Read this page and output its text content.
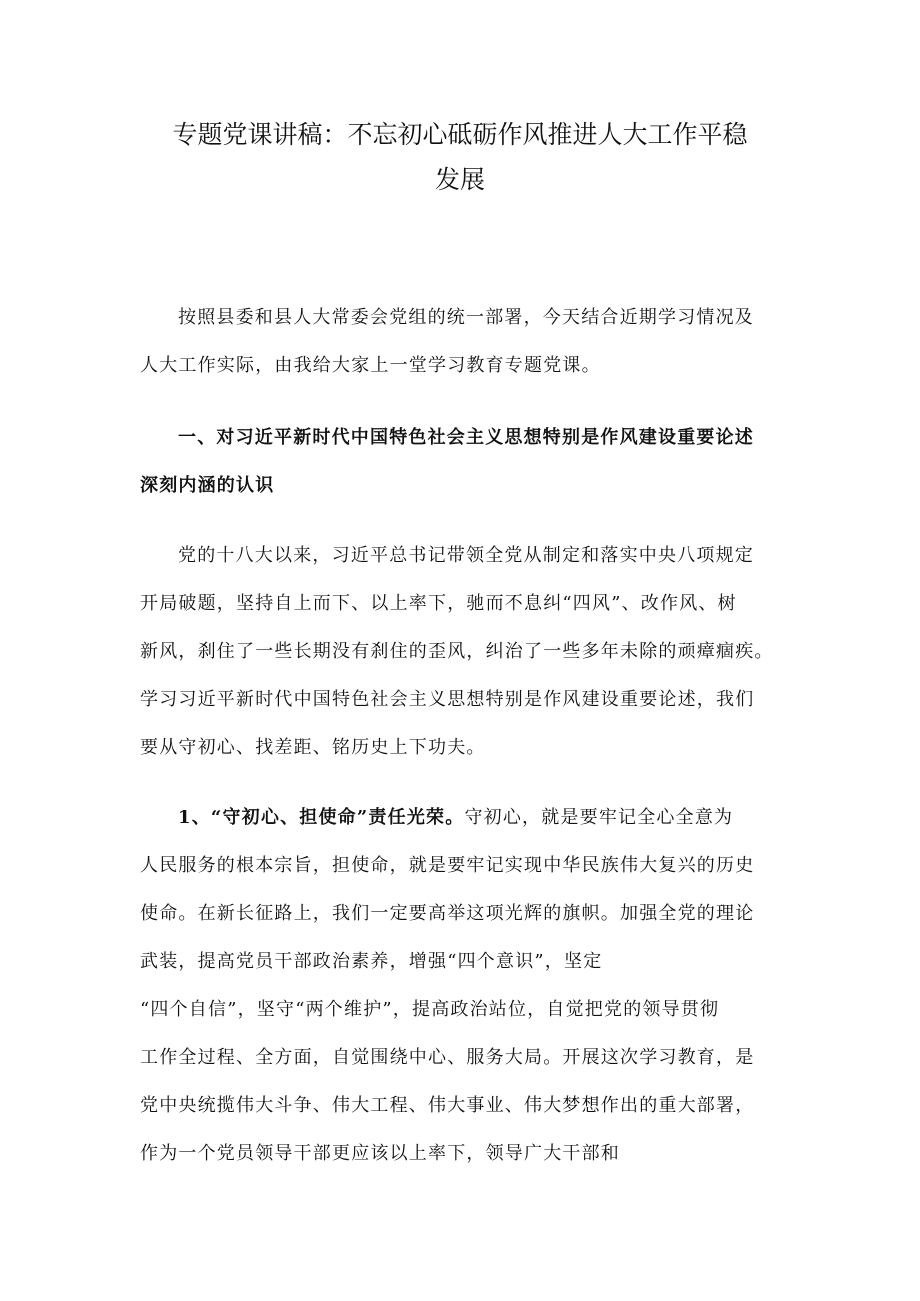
专题党课讲稿：不忘初心砥砺作风推进人大工作平稳
发展

按照县委和县人大常委会党组的统一部署，今天结合近期学习情况及
人大工作实际，由我给大家上一堂学习教育专题党课。

一、对习近平新时代中国特色社会主义思想特别是作风建设重要论述
深刻内涵的认识

党的十八大以来，习近平总书记带领全党从制定和落实中央八项规定
开局破题，坚持自上而下、以上率下，驰而不息纠“四风”、改作风、树
新风，刹住了一些长期没有刹住的歪风，纠治了一些多年未除的顽瘴痼疾。
学习习近平新时代中国特色社会主义思想特别是作风建设重要论述，我们
要从守初心、找差距、铭历史上下功夫。

1、“守初心、担使命”责任光荣。守初心，就是要牢记全心全意为
人民服务的根本宗旨，担使命，就是要牢记实现中华民族伟大复兴的历史
使命。在新长征路上，我们一定要高举这项光辉的旗帜。加强全党的理论
武装，提高党员干部政治素养，增强“四个意识”，坚定
“四个自信”，坚守“两个维护”，提高政治站位，自觉把党的领导贯彻
工作全过程、全方面，自觉围绕中心、服务大局。开展这次学习教育，是
党中央统揽伟大斗争、伟大工程、伟大事业、伟大梦想作出的重大部署，
作为一个党员领导干部更应该以上率下，领导广大干部和
